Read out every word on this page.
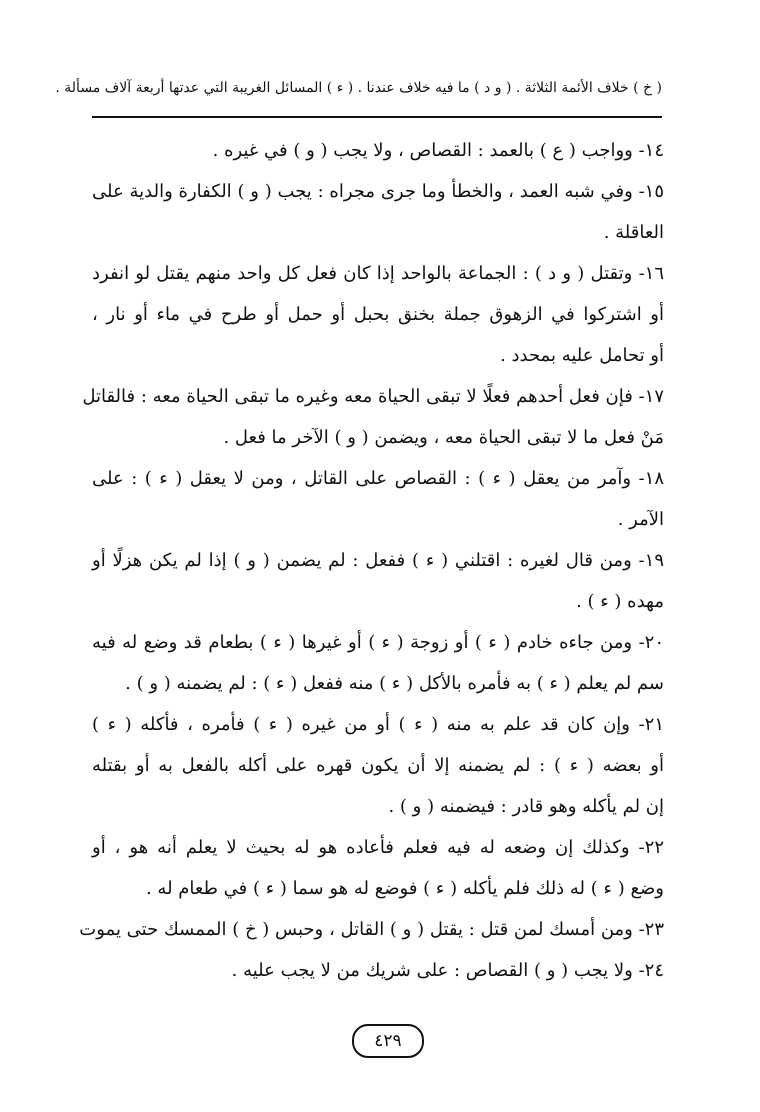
( خ ) خلاف الأئمة الثلاثة . ( و د ) ما فيه خلاف عندنا . ( ء ) المسائل الغريبة التي عدتها أربعة آلاف مسألة .
١٤- وواجب ( ع ) بالعمد : القصاص ، ولا يجب ( و ) في غيره .
١٥- وفي شبه العمد ، والخطأ وما جرى مجراه : يجب ( و ) الكفارة والدية على
العاقلة .
١٦- وتقتل ( و د ) : الجماعة بالواحد إذا كان فعل كل واحد منهم يقتل لو انفرد
أو اشتركوا في الزهوق جملة بخنق بحبل أو حمل أو طرح في ماء أو نار ،
أو تحامل عليه بمحدد .
١٧- فإن فعل أحدهم فعلًا لا تبقى الحياة معه وغيره ما تبقى الحياة معه : فالقاتل
مَنْ فعل ما لا تبقى الحياة معه ، ويضمن ( و ) الآخر ما فعل .
١٨- وآمر من يعقل ( ء ) : القصاص على القاتل ، ومن لا يعقل ( ء ) : على
الآمر .
١٩- ومن قال لغيره : اقتلني ( ء ) ففعل : لم يضمن ( و ) إذا لم يكن هزلًا أو
مهده ( ء ) .
٢٠- ومن جاءه خادم ( ء ) أو زوجة ( ء ) أو غيرها ( ء ) بطعام قد وضع له فيه
سم لم يعلم ( ء ) به فأمره بالأكل ( ء ) منه ففعل ( ء ) : لم يضمنه ( و ) .
٢١- وإن كان قد علم به منه ( ء ) أو من غيره ( ء ) فأمره ، فأكله ( ء )
أو بعضه ( ء ) : لم يضمنه إلا أن يكون قهره على أكله بالفعل به أو بقتله
إن لم يأكله وهو قادر : فيضمنه ( و ) .
٢٢- وكذلك إن وضعه له فيه فعلم فأعاده هو له بحيث لا يعلم أنه هو ، أو
وضع ( ء ) له ذلك فلم يأكله ( ء ) فوضع له هو سما ( ء ) في طعام له .
٢٣- ومن أمسك لمن قتل : يقتل ( و ) القاتل ، وحبس ( خ ) الممسك حتى يموت
٢٤- ولا يجب ( و ) القصاص : على شريك من لا يجب عليه .
٤٢٩
